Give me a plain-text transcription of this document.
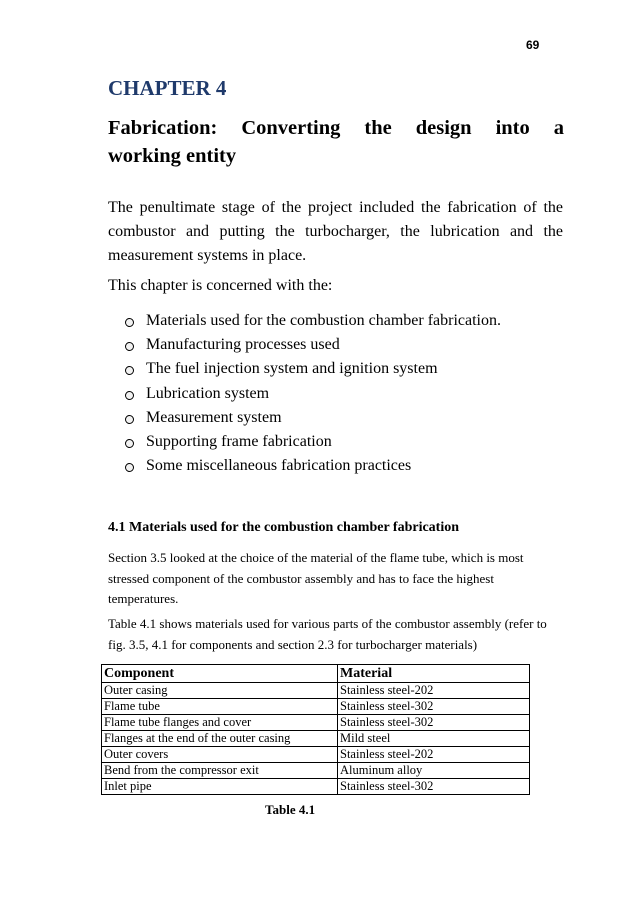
69
CHAPTER 4
Fabrication: Converting the design into a
working entity
The penultimate stage of the project included the fabrication of the combustor and putting the turbocharger, the lubrication and the measurement systems in place.
This chapter is concerned with the:
Materials used for the combustion chamber fabrication.
Manufacturing processes used
The fuel injection system and ignition system
Lubrication system
Measurement system
Supporting frame fabrication
Some miscellaneous fabrication practices
4.1 Materials used for the combustion chamber fabrication
Section 3.5 looked at the choice of the material of the flame tube, which is most stressed component of the combustor assembly and has to face the highest temperatures.
Table 4.1 shows materials used for various parts of the combustor assembly (refer to fig. 3.5, 4.1 for components and section 2.3 for turbocharger materials)
Component	Material
Outer casing	Stainless steel-202
Flame tube	Stainless steel-302
Flame tube flanges and cover	Stainless steel-302
Flanges at the end of the outer casing	Mild steel
Outer covers	Stainless steel-202
Bend from the compressor exit	Aluminum alloy
Inlet pipe	Stainless steel-302
Table 4.1
